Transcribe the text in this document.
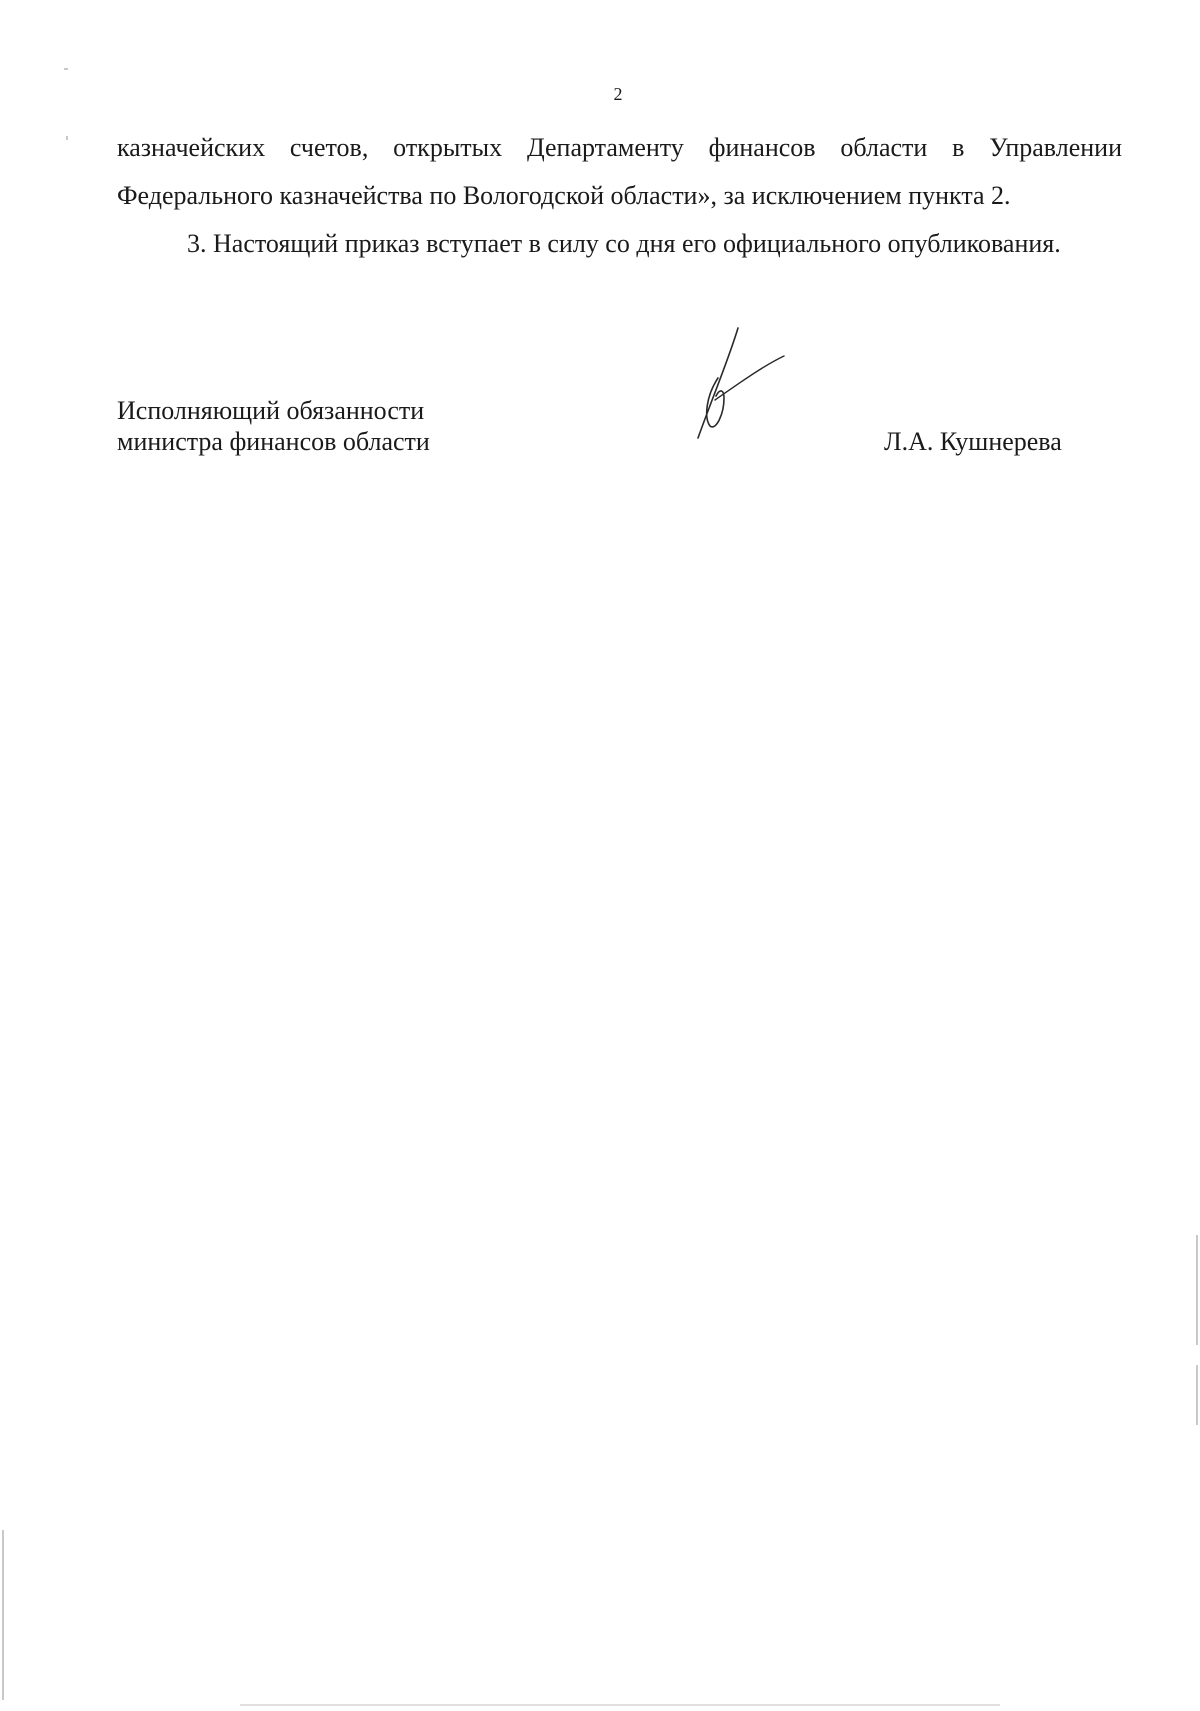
2

казначейских счетов, открытых Департаменту финансов области в Управлении Федерального казначейства по Вологодской области», за исключением пункта 2.

3. Настоящий приказ вступает в силу со дня его официального опубликования.

Исполняющий обязанности
министра финансов области	Л.А. Кушнерева
